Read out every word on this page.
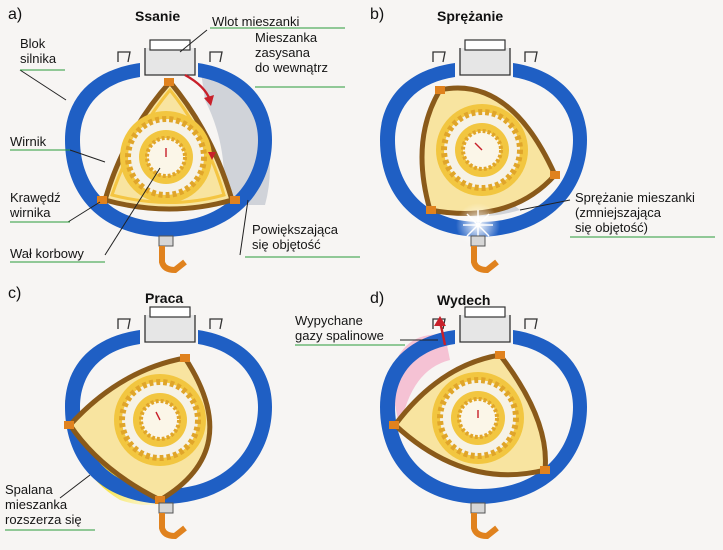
a)	Ssanie	b)	Sprężanie
c)	Praca	d)	Wydech
Blok
silnika
Wlot mieszanki
Mieszanka
zasysana
do wewnątrz
Wirnik
Krawędź
wirnika
Wał korbowy
Powiększająca
się objętość
Sprężanie mieszanki
(zmniejszająca
się objętość)
Spalana
mieszanka
rozszerza się
Wypychane
gazy spalinowe
